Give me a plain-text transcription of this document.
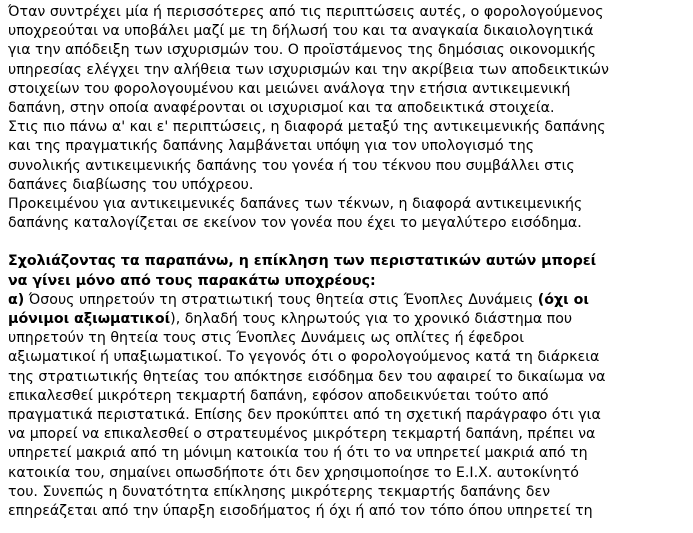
Όταν συντρέχει μία ή περισσότερες από τις περιπτώσεις αυτές, ο φορολογούμενος
υποχρεούται να υποβάλει μαζί με τη δήλωσή του και τα αναγκαία δικαιολογητικά
για την απόδειξη των ισχυρισμών του. Ο προϊστάμενος της δημόσιας οικονομικής
υπηρεσίας ελέγχει την αλήθεια των ισχυρισμών και την ακρίβεια των αποδεικτικών
στοιχείων του φορολογουμένου και μειώνει ανάλογα την ετήσια αντικειμενική
δαπάνη, στην οποία αναφέρονται οι ισχυρισμοί και τα αποδεικτικά στοιχεία.
Στις πιο πάνω α' και ε' περιπτώσεις, η διαφορά μεταξύ της αντικειμενικής δαπάνης
και της πραγματικής δαπάνης λαμβάνεται υπόψη για τον υπολογισμό της
συνολικής αντικειμενικής δαπάνης του γονέα ή του τέκνου που συμβάλλει στις
δαπάνες διαβίωσης του υπόχρεου.
Προκειμένου για αντικειμενικές δαπάνες των τέκνων, η διαφορά αντικειμενικής
δαπάνης καταλογίζεται σε εκείνον τον γονέα που έχει το μεγαλύτερο εισόδημα.
Σχολιάζοντας τα παραπάνω, η επίκληση των περιστατικών αυτών μπορεί
να γίνει μόνο από τους παρακάτω υποχρέους:
α) Όσους υπηρετούν τη στρατιωτική τους θητεία στις Ένοπλες Δυνάμεις (όχι οι
μόνιμοι αξιωματικοί), δηλαδή τους κληρωτούς για το χρονικό διάστημα που
υπηρετούν τη θητεία τους στις Ένοπλες Δυνάμεις ως οπλίτες ή έφεδροι
αξιωματικοί ή υπαξιωματικοί. Το γεγονός ότι ο φορολογούμενος κατά τη διάρκεια
της στρατιωτικής θητείας του απόκτησε εισόδημα δεν του αφαιρεί το δικαίωμα να
επικαλεσθεί μικρότερη τεκμαρτή δαπάνη, εφόσον αποδεικνύεται τούτο από
πραγματικά περιστατικά. Επίσης δεν προκύπτει από τη σχετική παράγραφο ότι για
να μπορεί να επικαλεσθεί ο στρατευμένος μικρότερη τεκμαρτή δαπάνη, πρέπει να
υπηρετεί μακριά από τη μόνιμη κατοικία του ή ότι το να υπηρετεί μακριά από τη
κατοικία του, σημαίνει οπωσδήποτε ότι δεν χρησιμοποίησε το Ε.Ι.Χ. αυτοκίνητό
του. Συνεπώς η δυνατότητα επίκλησης μικρότερης τεκμαρτής δαπάνης δεν
επηρεάζεται από την ύπαρξη εισοδήματος ή όχι ή από τον τόπο όπου υπηρετεί τη
